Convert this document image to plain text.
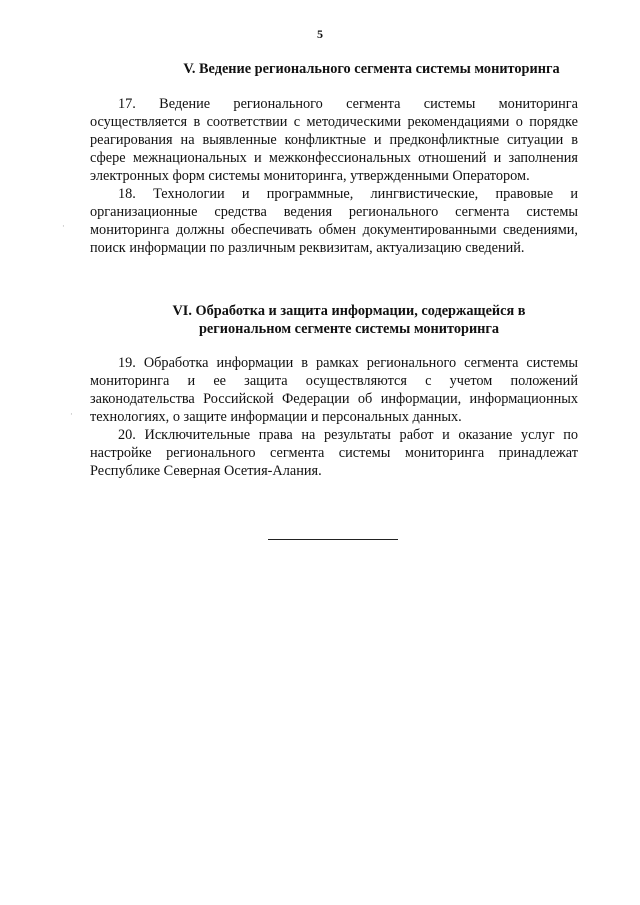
5
V. Ведение регионального сегмента системы мониторинга

17. Ведение регионального сегмента системы мониторинга осуществляется в соответствии с методическими рекомендациями о порядке реагирования на выявленные конфликтные и предконфликтные ситуации в сфере межнациональных и межконфессиональных отношений и заполнения электронных форм системы мониторинга, утвержденными Оператором.

18. Технологии и программные, лингвистические, правовые и организационные средства ведения регионального сегмента системы мониторинга должны обеспечивать обмен документированными сведениями, поиск информации по различным реквизитам, актуализацию сведений.

VI. Обработка и защита информации, содержащейся в
региональном сегменте системы мониторинга

19. Обработка информации в рамках регионального сегмента системы мониторинга и ее защита осуществляются с учетом положений законодательства Российской Федерации об информации, информационных технологиях, о защите информации и персональных данных.

20. Исключительные права на результаты работ и оказание услуг по настройке регионального сегмента системы мониторинга принадлежат Республике Северная Осетия-Алания.

·
·
